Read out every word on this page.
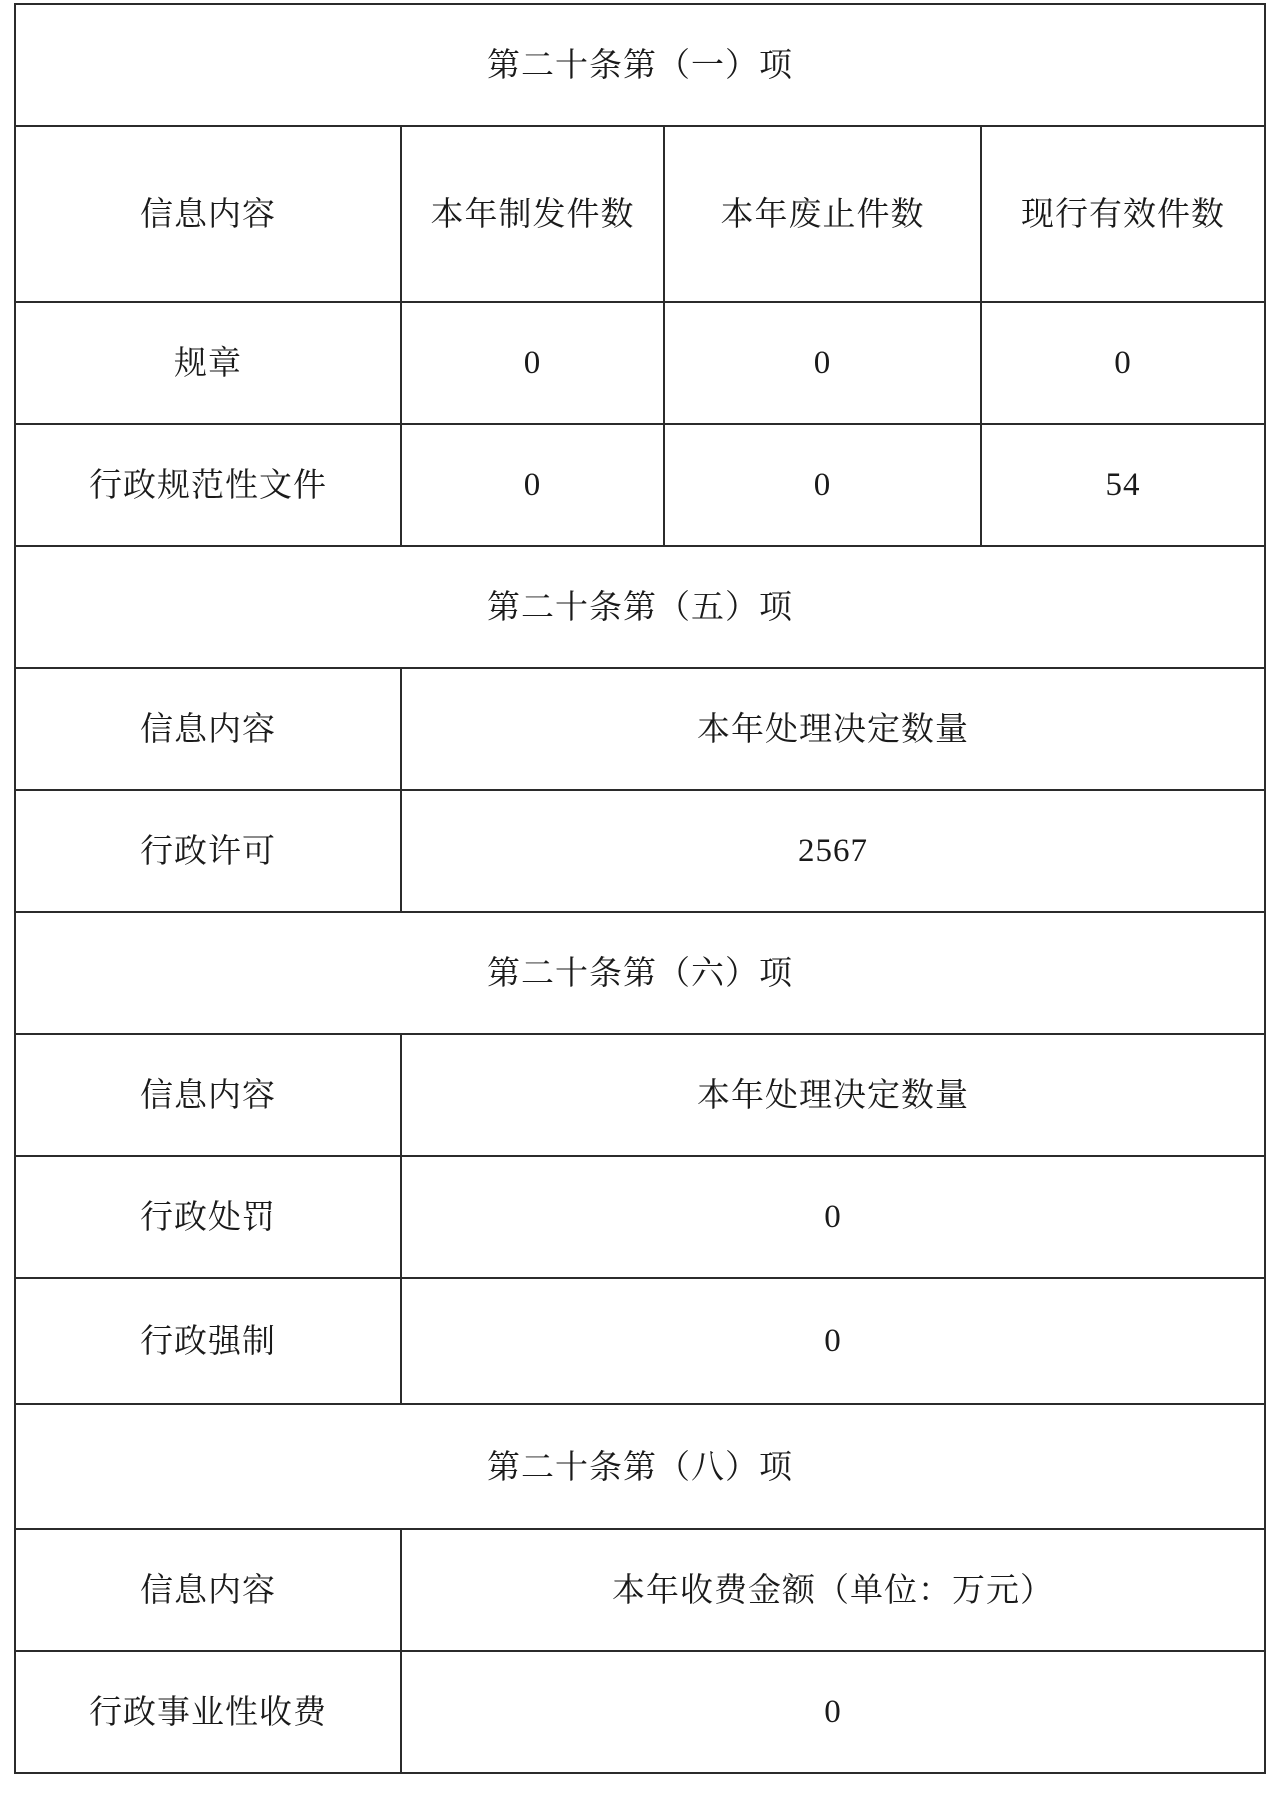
第二十条第（一）项			
信息内容	本年制发件数	本年废止件数	现行有效件数
规章	0	0	0
行政规范性文件	0	0	54
第二十条第（五）项			
信息内容	本年处理决定数量		
行政许可	2567		
第二十条第（六）项			
信息内容	本年处理决定数量		
行政处罚	0		
行政强制	0		
第二十条第（八）项			
信息内容	本年收费金额（单位：万元）		
行政事业性收费	0		
